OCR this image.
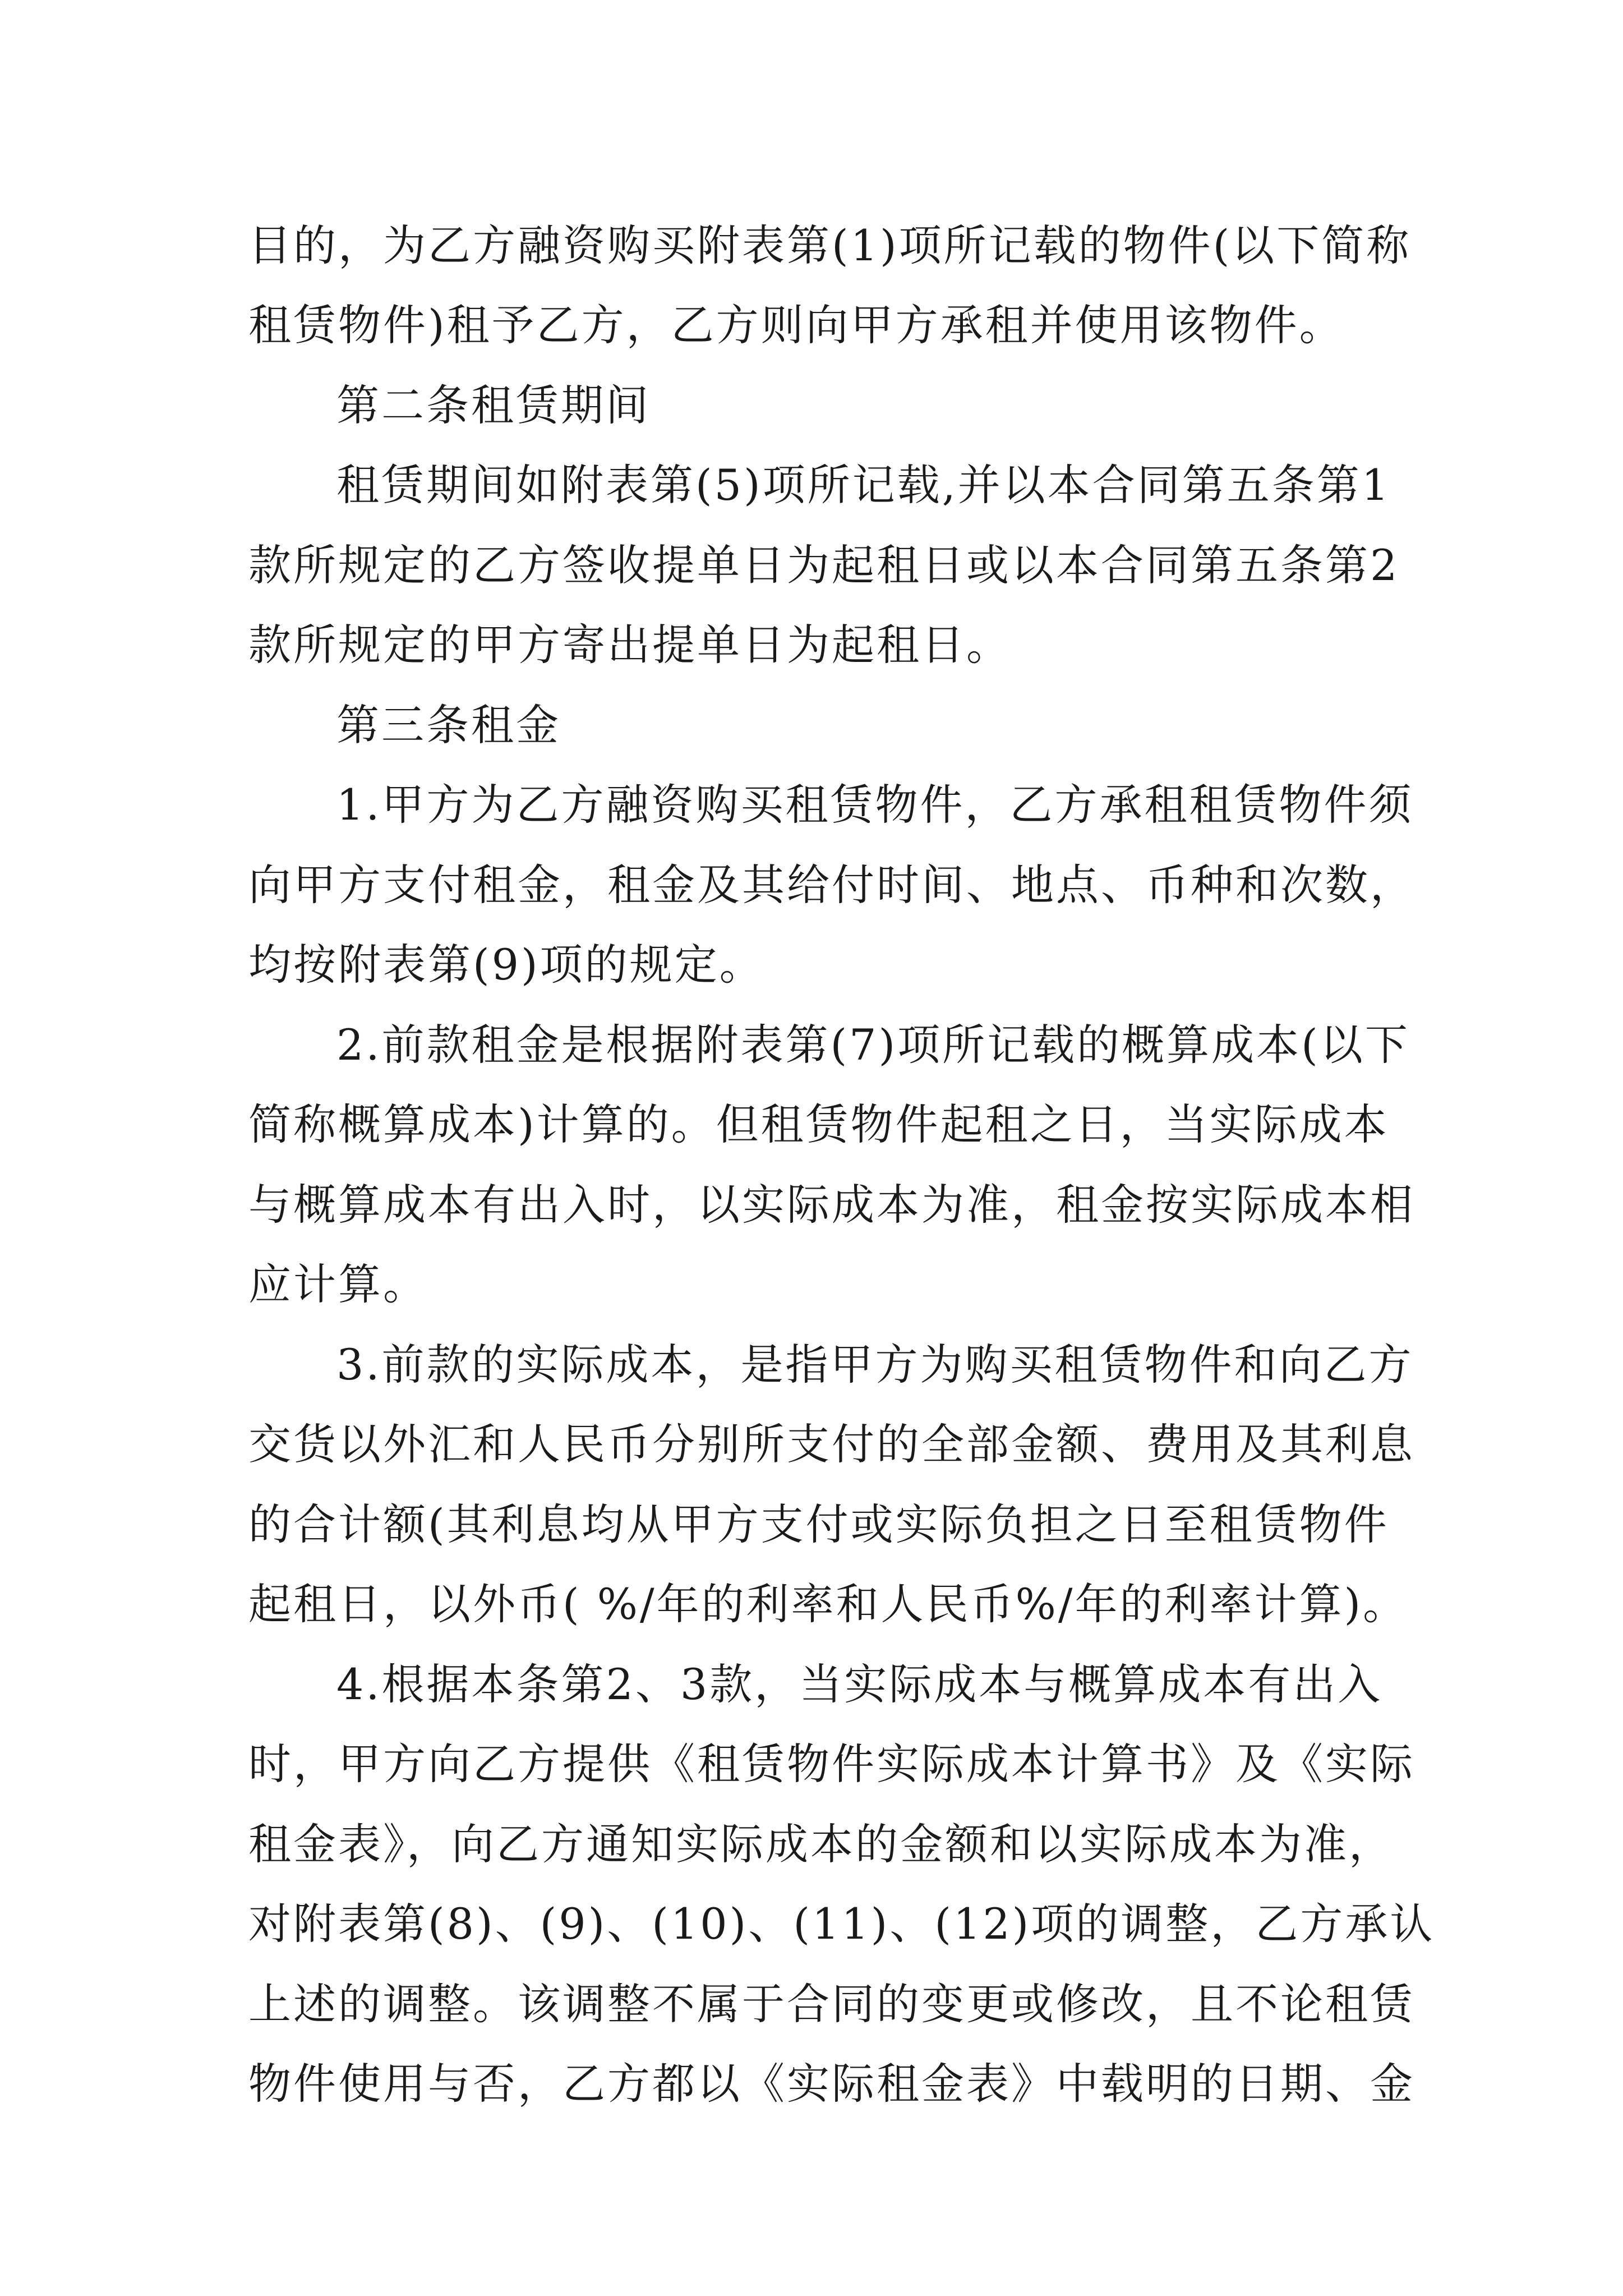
目的，为乙方融资购买附表第(1)项所记载的物件(以下简称
租赁物件)租予乙方，乙方则向甲方承租并使用该物件。
第二条租赁期间
租赁期间如附表第(5)项所记载,并以本合同第五条第1
款所规定的乙方签收提单日为起租日或以本合同第五条第2
款所规定的甲方寄出提单日为起租日。
第三条租金
1.甲方为乙方融资购买租赁物件，乙方承租租赁物件须
向甲方支付租金，租金及其给付时间、地点、币种和次数，
均按附表第(9)项的规定。
2.前款租金是根据附表第(7)项所记载的概算成本(以下
简称概算成本)计算的。但租赁物件起租之日，当实际成本
与概算成本有出入时，以实际成本为准，租金按实际成本相
应计算。
3.前款的实际成本，是指甲方为购买租赁物件和向乙方
交货以外汇和人民币分别所支付的全部金额、费用及其利息
的合计额(其利息均从甲方支付或实际负担之日至租赁物件
起租日，以外币( %/年的利率和人民币%/年的利率计算)。
4.根据本条第2、3款，当实际成本与概算成本有出入
时，甲方向乙方提供《租赁物件实际成本计算书》及《实际
租金表》，向乙方通知实际成本的金额和以实际成本为准，
对附表第(8)、(9)、(10)、(11)、(12)项的调整，乙方承认
上述的调整。该调整不属于合同的变更或修改，且不论租赁
物件使用与否，乙方都以《实际租金表》中载明的日期、金
